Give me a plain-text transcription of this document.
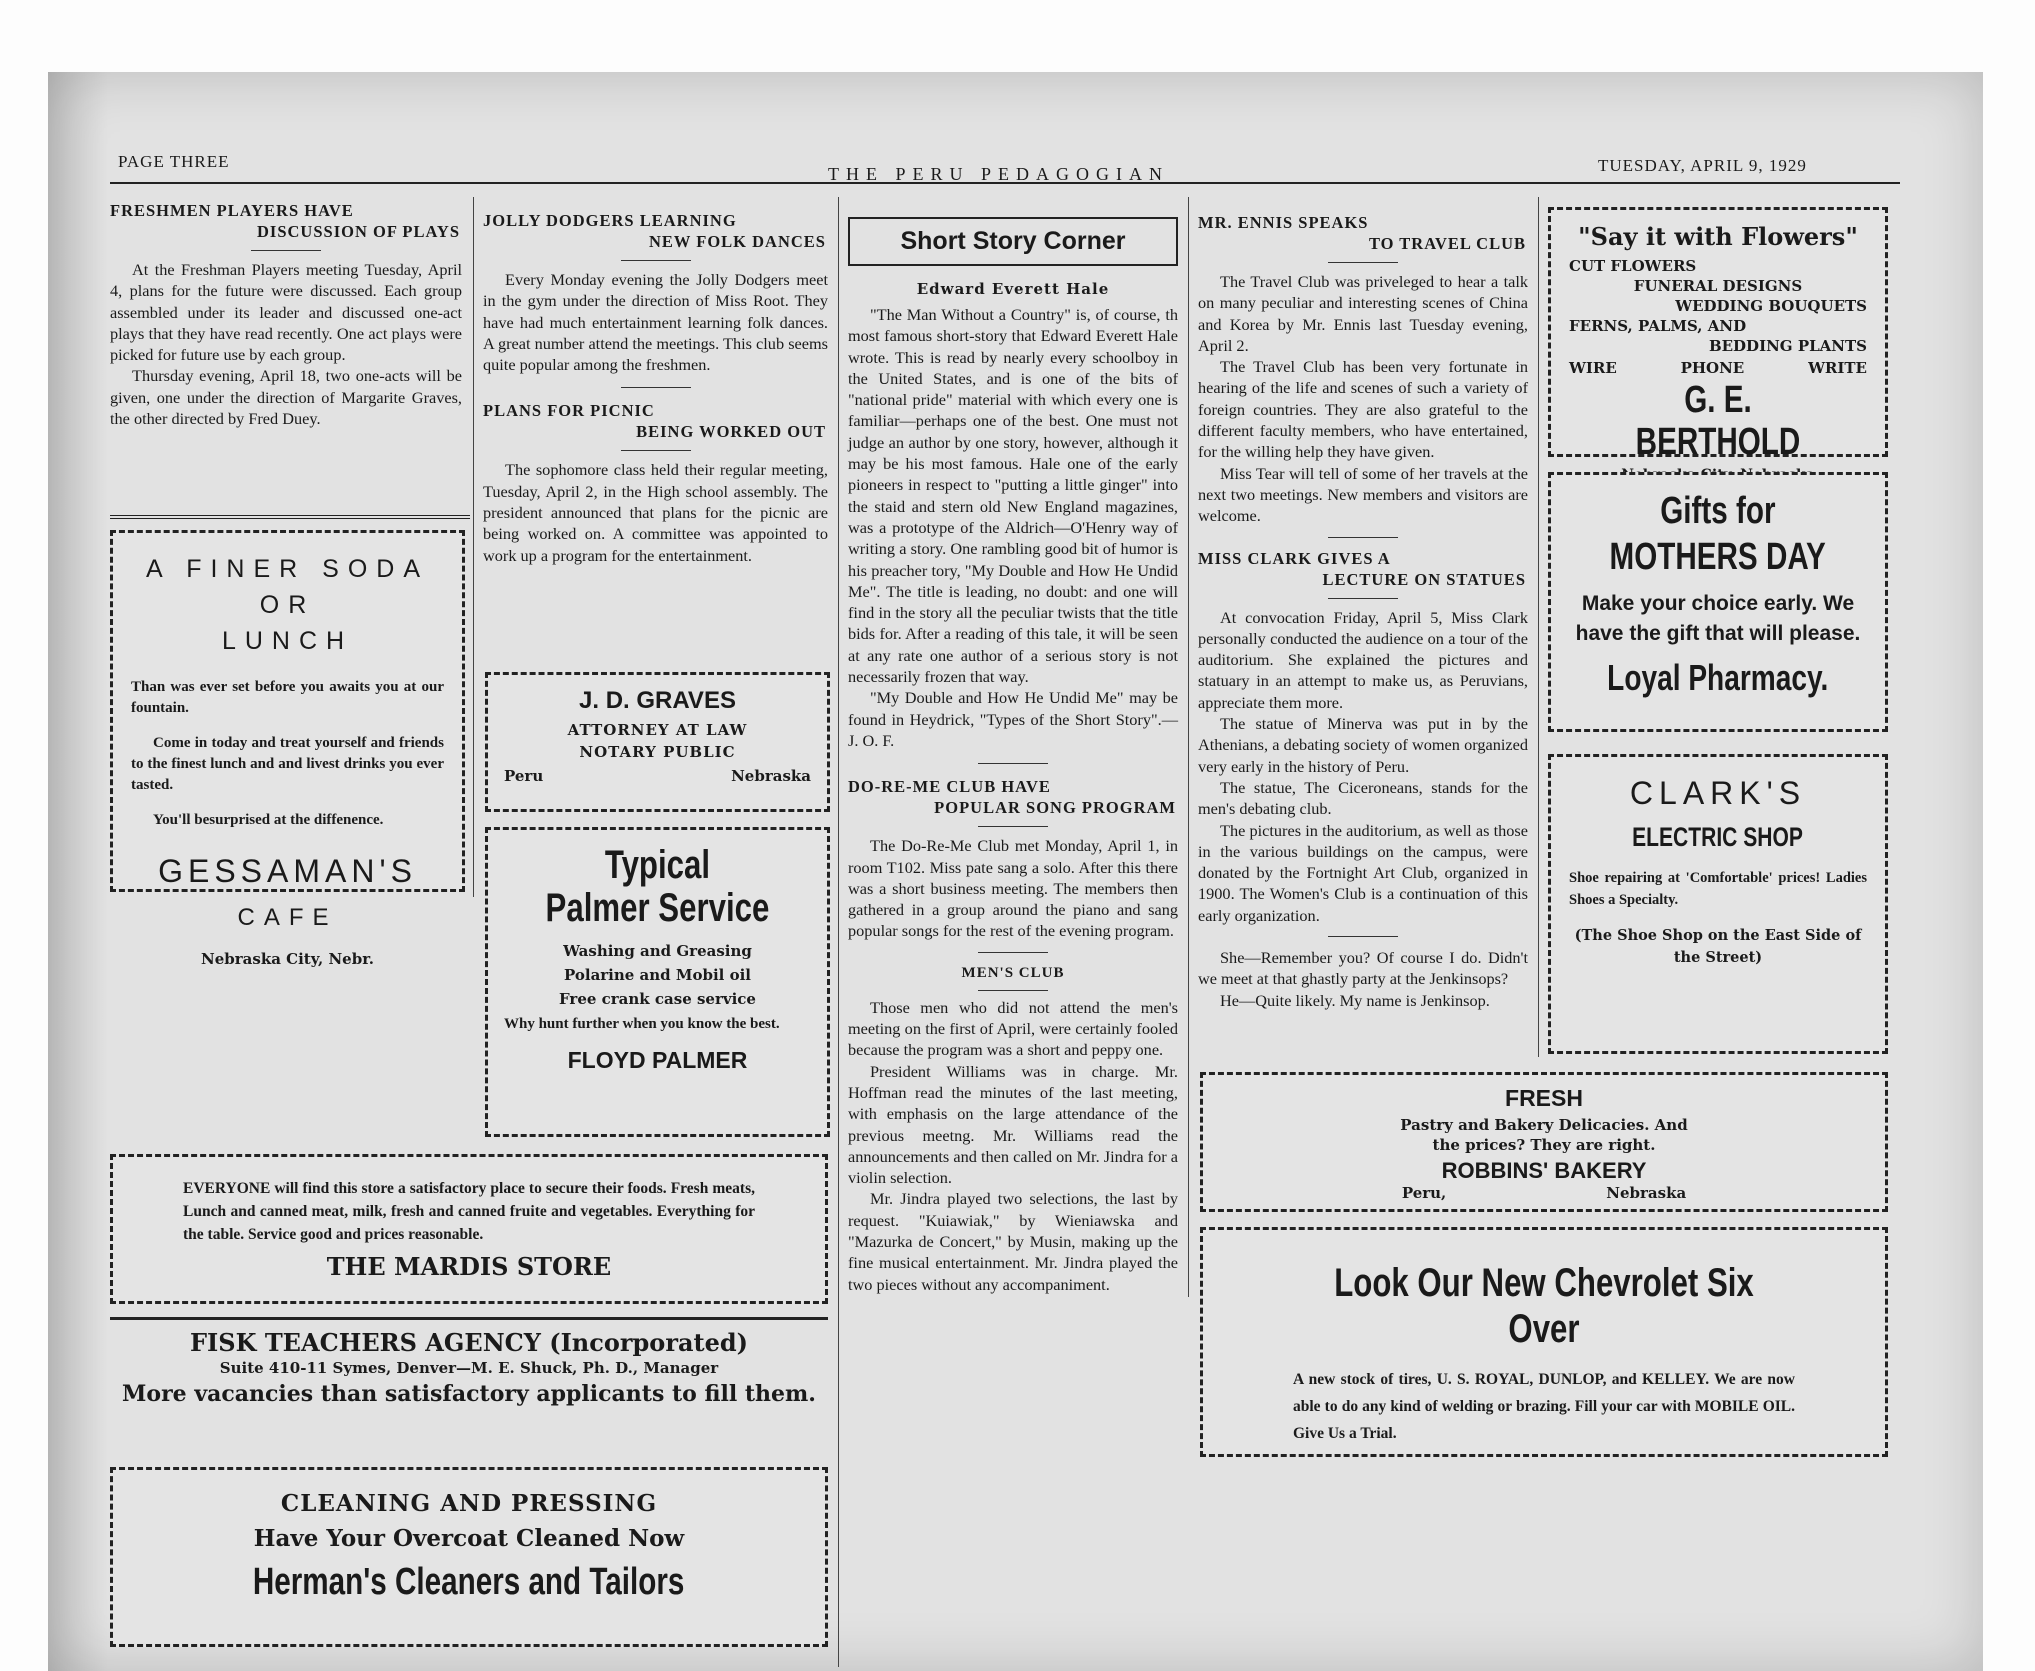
PAGE THREE
THE PERU PEDAGOGIAN	TUESDAY, APRIL 9, 1929
FRESHMEN PLAYERS HAVE
DISCUSSION OF PLAYS

At the Freshman Players meeting Tuesday, April 4, plans for the future were discussed. Each group assembled under its leader and discussed one-act plays that they have read recently. One act plays were picked for future use by each group.

Thursday evening, April 18, two one-acts will be given, one under the direction of Margarite Graves, the other directed by Fred Duey.

A FINER SODA
OR
LUNCH
Than was ever set before you awaits you at our fountain.
Come in today and treat yourself and friends to the finest lunch and and livest drinks you ever tasted.
You'll besurprised at the diffenence.
GESSAMAN'S
CAFE
Nebraska City, Nebr.
JOLLY DODGERS LEARNING
NEW FOLK DANCES

Every Monday evening the Jolly Dodgers meet in the gym under the direction of Miss Root. They have had much entertainment learning folk dances. A great number attend the meetings. This club seems quite popular among the freshmen.

PLANS FOR PICNIC
BEING WORKED OUT

The sophomore class held their regular meeting, Tuesday, April 2, in the High school assembly. The president announced that plans for the picnic are being worked on. A committee was appointed to work up a program for the entertainment.

J. D. GRAVES
ATTORNEY AT LAW
NOTARY PUBLIC
Peru	Nebraska
Typical
Palmer Service
Washing and Greasing
Polarine and Mobil oil
Free crank case service
Why hunt further when you know the best.
FLOYD PALMER
Short Story Corner
Edward Everett Hale

"The Man Without a Country" is, of course, th most famous short-story that Edward Everett Hale wrote. This is read by nearly every schoolboy in the United States, and is one of the bits of "national pride" material with which every one is familiar—perhaps one of the best. One must not judge an author by one story, however, although it may be his most famous. Hale one of the early pioneers in respect to "putting a little ginger" into the staid and stern old New England magazines, was a prototype of the Aldrich—O'Henry way of writing a story. One rambling good bit of humor is his preacher tory, "My Double and How He Undid Me". The title is leading, no doubt: and one will find in the story all the peculiar twists that the title bids for. After a reading of this tale, it will be seen at any rate one author of a serious story is not necessarily frozen that way.

"My Double and How He Undid Me" may be found in Heydrick, "Types of the Short Story".—J. O. F.

DO-RE-ME CLUB HAVE
POPULAR SONG PROGRAM

The Do-Re-Me Club met Monday, April 1, in room T102. Miss pate sang a solo. After this there was a short business meeting. The members then gathered in a group around the piano and sang popular songs for the rest of the evening program.

MEN'S CLUB

Those men who did not attend the men's meeting on the first of April, were certainly fooled because the program was a short and peppy one.

President Williams was in charge. Mr. Hoffman read the minutes of the last meeting, with emphasis on the large attendance of the previous meetng. Mr. Williams read the announcements and then called on Mr. Jindra for a violin selection.

Mr. Jindra played two selections, the last by request. "Kuiawiak," by Wieniawska and "Mazurka de Concert," by Musin, making up the fine musical entertainment. Mr. Jindra played the two pieces without any accompaniment.

MR. ENNIS SPEAKS
TO TRAVEL CLUB

The Travel Club was priveleged to hear a talk on many peculiar and interesting scenes of China and Korea by Mr. Ennis last Tuesday evening, April 2.

The Travel Club has been very fortunate in hearing of the life and scenes of such a variety of foreign countries. They are also grateful to the different faculty members, who have entertained, for the willing help they have given.

Miss Tear will tell of some of her travels at the next two meetings. New members and visitors are welcome.

MISS CLARK GIVES A
LECTURE ON STATUES

At convocation Friday, April 5, Miss Clark personally conducted the audience on a tour of the auditorium. She explained the pictures and statuary in an attempt to make us, as Peruvians, appreciate them more.

The statue of Minerva was put in by the Athenians, a debating society of women organized very early in the history of Peru.

The statue, The Ciceroneans, stands for the men's debating club.

The pictures in the auditorium, as well as those in the various buildings on the campus, were donated by the Fortnight Art Club, organized in 1900. The Women's Club is a continuation of this early organization.

She—Remember you? Of course I do. Didn't we meet at that ghastly party at the Jenkinsops?

He—Quite likely. My name is Jenkinsop.

"Say it with Flowers"
CUT FLOWERS
FUNERAL DESIGNS
WEDDING BOUQUETS
FERNS, PALMS, AND
BEDDING PLANTS
WIRE	PHONE	WRITE
G. E. BERTHOLD
Gifts for
MOTHERS DAY
Make your choice early. We have the gift that will please.
Loyal Pharmacy.
CLARK'S
ELECTRIC SHOP
Shoe repairing at 'Comfortable' prices! Ladies Shoes a Specialty.
(The Shoe Shop on the East Side of the Street)
FRESH
Pastry and Bakery Delicacies. And
the prices? They are right.
ROBBINS' BAKERY
Peru,	Nebraska
Look Our New Chevrolet Six Over
A new stock of tires, U. S. ROYAL, DUNLOP, and KELLEY. We are now able to do any kind of welding or brazing. Fill your car with MOBILE OIL. Give Us a Trial.
EVERYONE will find this store a satisfactory place to secure their foods. Fresh meats, Lunch and canned meat, milk, fresh and canned fruite and vegetables. Everything for the table. Service good and prices reasonable.
THE MARDIS STORE
FISK TEACHERS AGENCY (Incorporated)
Suite 410-11 Symes, Denver—M. E. Shuck, Ph. D., Manager
More vacancies than satisfactory applicants to fill them.
CLEANING AND PRESSING
Have Your Overcoat Cleaned Now
Herman's Cleaners and Tailors
